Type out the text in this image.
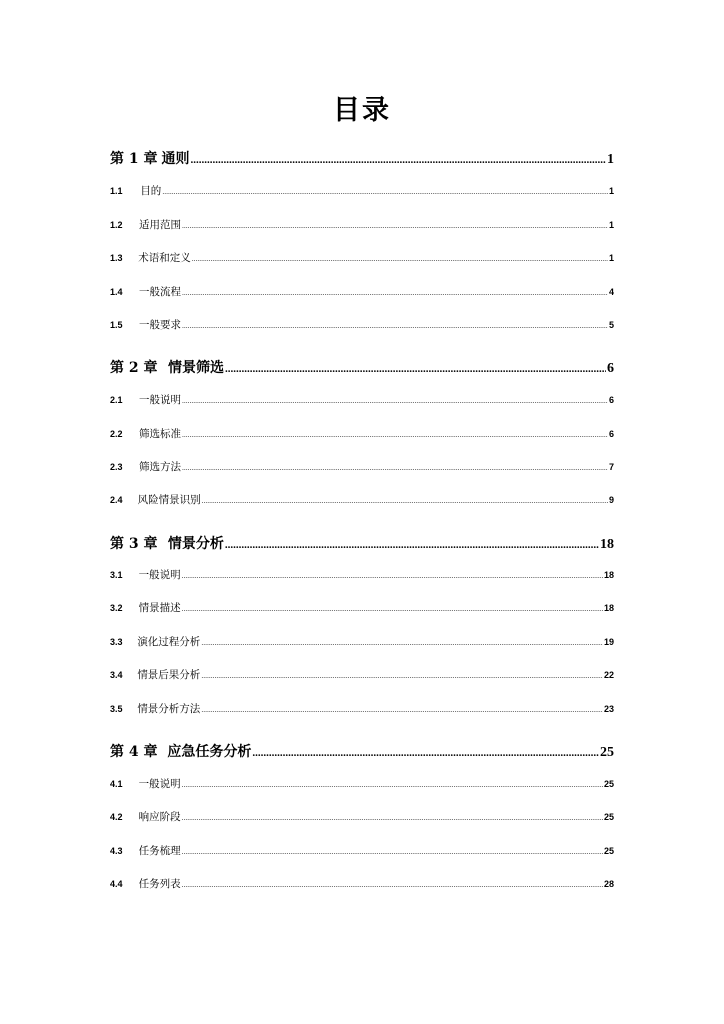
目录
第 1 章 通则 .....	1
1.1	目的 .....	1
1.2	适用范围 .....	1
1.3	术语和定义 .....	1
1.4	一般流程 .....	4
1.5	一般要求 .....	5
第 2 章 情景筛选 .....	6
2.1	一般说明 .....	6
2.2	筛选标准 .....	6
2.3	筛选方法 .....	7
2.4	风险情景识别 .....	9
第 3 章 情景分析 .....	18
3.1	一般说明 .....	18
3.2	情景描述 .....	18
3.3	演化过程分析 .....	19
3.4	情景后果分析 .....	22
3.5	情景分析方法 .....	23
第 4 章 应急任务分析 .....	25
4.1	一般说明 .....	25
4.2	响应阶段 .....	25
4.3	任务梳理 .....	25
4.4	任务列表 .....	28
